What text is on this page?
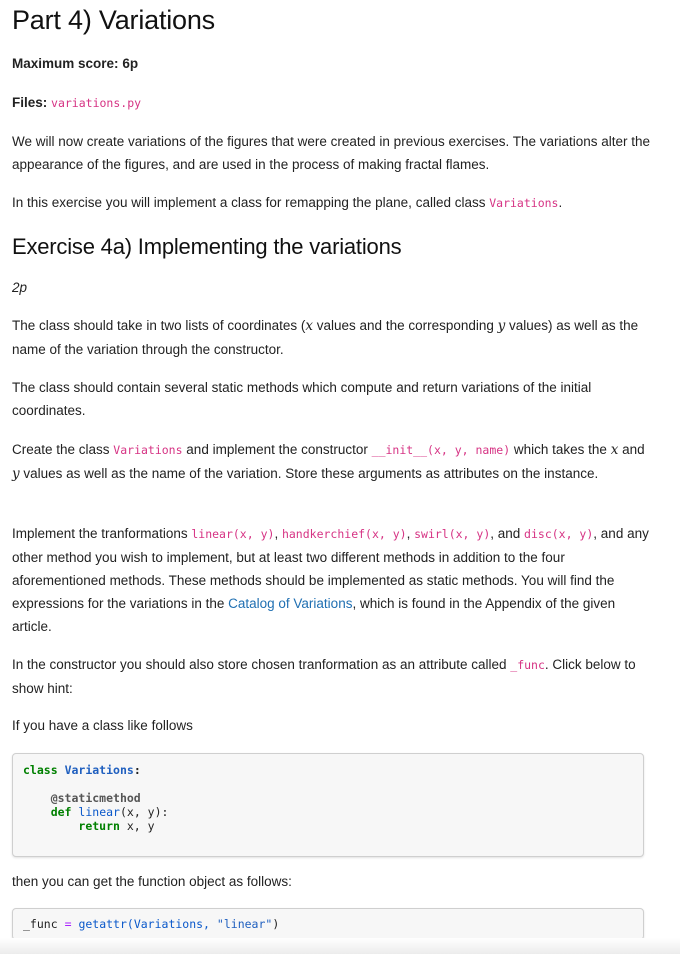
Part 4) Variations

Maximum score: 6p

Files: variations.py

We will now create variations of the figures that were created in previous exercises. The variations alter the appearance of the figures, and are used in the process of making fractal flames.

In this exercise you will implement a class for remapping the plane, called class Variations.

Exercise 4a) Implementing the variations

2p

The class should take in two lists of coordinates (x values and the corresponding y values) as well as the name of the variation through the constructor.

The class should contain several static methods which compute and return variations of the initial coordinates.

Create the class Variations and implement the constructor __init__(x, y, name) which takes the x and y values as well as the name of the variation. Store these arguments as attributes on the instance.

Implement the tranformations linear(x, y), handkerchief(x, y), swirl(x, y), and disc(x, y), and any other method you wish to implement, but at least two different methods in addition to the four aforementioned methods. These methods should be implemented as static methods. You will find the expressions for the variations in the Catalog of Variations, which is found in the Appendix of the given article.

In the constructor you should also store chosen tranformation as an attribute called _func. Click below to show hint:

If you have a class like follows

class Variations:

@staticmethod
def linear(x, y):
return x, y

then you can get the function object as follows:

_func = getattr(Variations, "linear")
